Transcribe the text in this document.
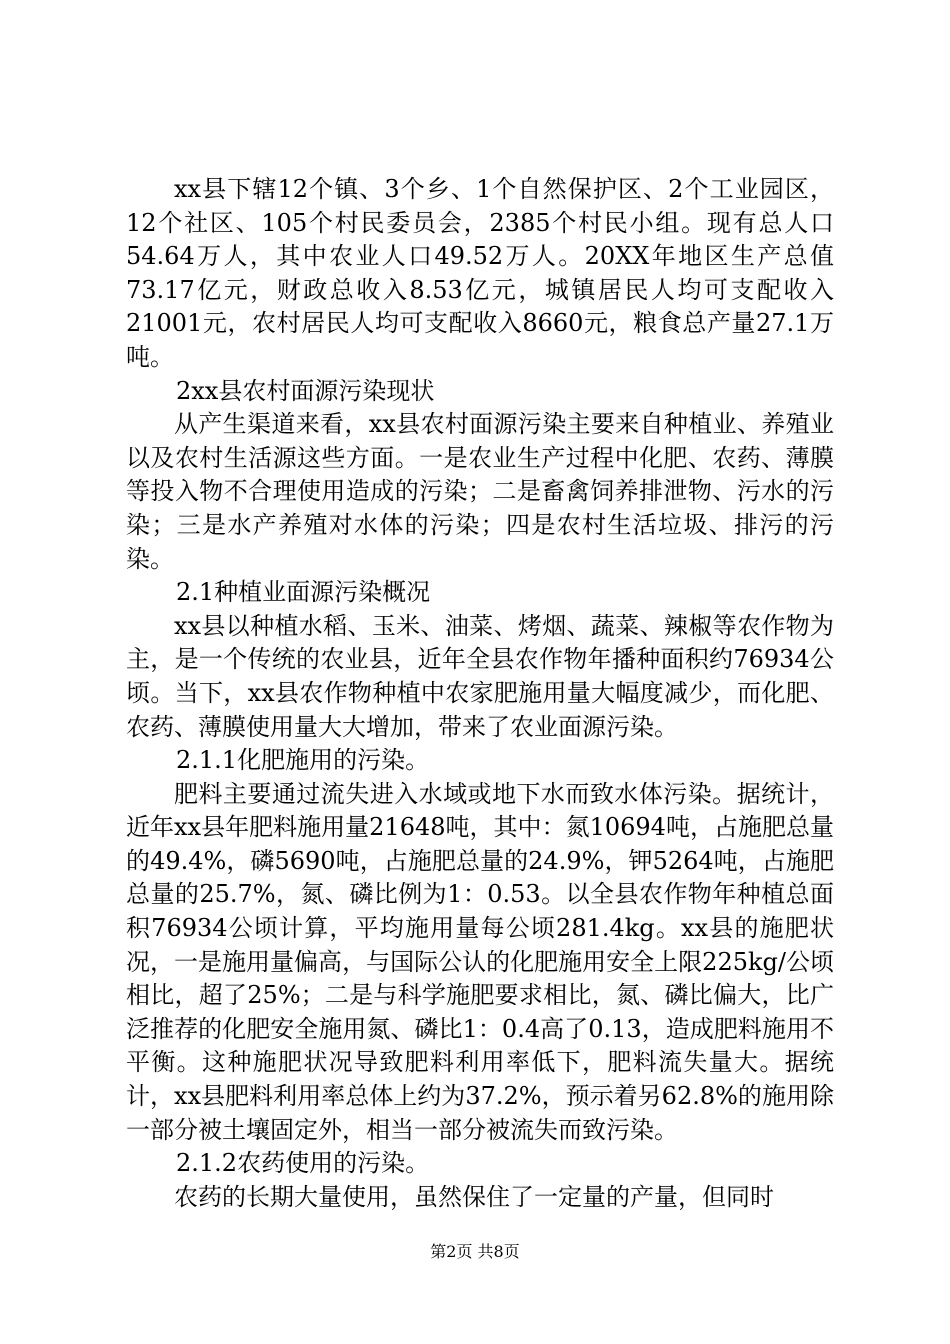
xx县下辖12个镇、3个乡、1个自然保护区、2个工业园区，12个社区、105个村民委员会，2385个村民小组。现有总人口54.64万人，其中农业人口49.52万人。20XX年地区生产总值73.17亿元，财政总收入8.53亿元，城镇居民人均可支配收入21001元，农村居民人均可支配收入8660元，粮食总产量27.1万吨。

2xx县农村面源污染现状

从产生渠道来看，xx县农村面源污染主要来自种植业、养殖业以及农村生活源这些方面。一是农业生产过程中化肥、农药、薄膜等投入物不合理使用造成的污染；二是畜禽饲养排泄物、污水的污染；三是水产养殖对水体的污染；四是农村生活垃圾、排污的污染。

2.1种植业面源污染概况

xx县以种植水稻、玉米、油菜、烤烟、蔬菜、辣椒等农作物为主，是一个传统的农业县，近年全县农作物年播种面积约76934公顷。当下，xx县农作物种植中农家肥施用量大幅度减少，而化肥、农药、薄膜使用量大大增加，带来了农业面源污染。

2.1.1化肥施用的污染。

肥料主要通过流失进入水域或地下水而致水体污染。据统计，近年xx县年肥料施用量21648吨，其中：氮10694吨，占施肥总量的49.4%，磷5690吨，占施肥总量的24.9%，钾5264吨，占施肥总量的25.7%，氮、磷比例为1：0.53。以全县农作物年种植总面积76934公顷计算，平均施用量每公顷281.4kg。xx县的施肥状况，一是施用量偏高，与国际公认的化肥施用安全上限225kg/公顷相比，超了25%；二是与科学施肥要求相比，氮、磷比偏大，比广泛推荐的化肥安全施用氮、磷比1：0.4高了0.13，造成肥料施用不平衡。这种施肥状况导致肥料利用率低下，肥料流失量大。据统计，xx县肥料利用率总体上约为37.2%，预示着另62.8%的施用除一部分被土壤固定外，相当一部分被流失而致污染。

2.1.2农药使用的污染。

农药的长期大量使用，虽然保住了一定量的产量，但同时

第2页 共8页
